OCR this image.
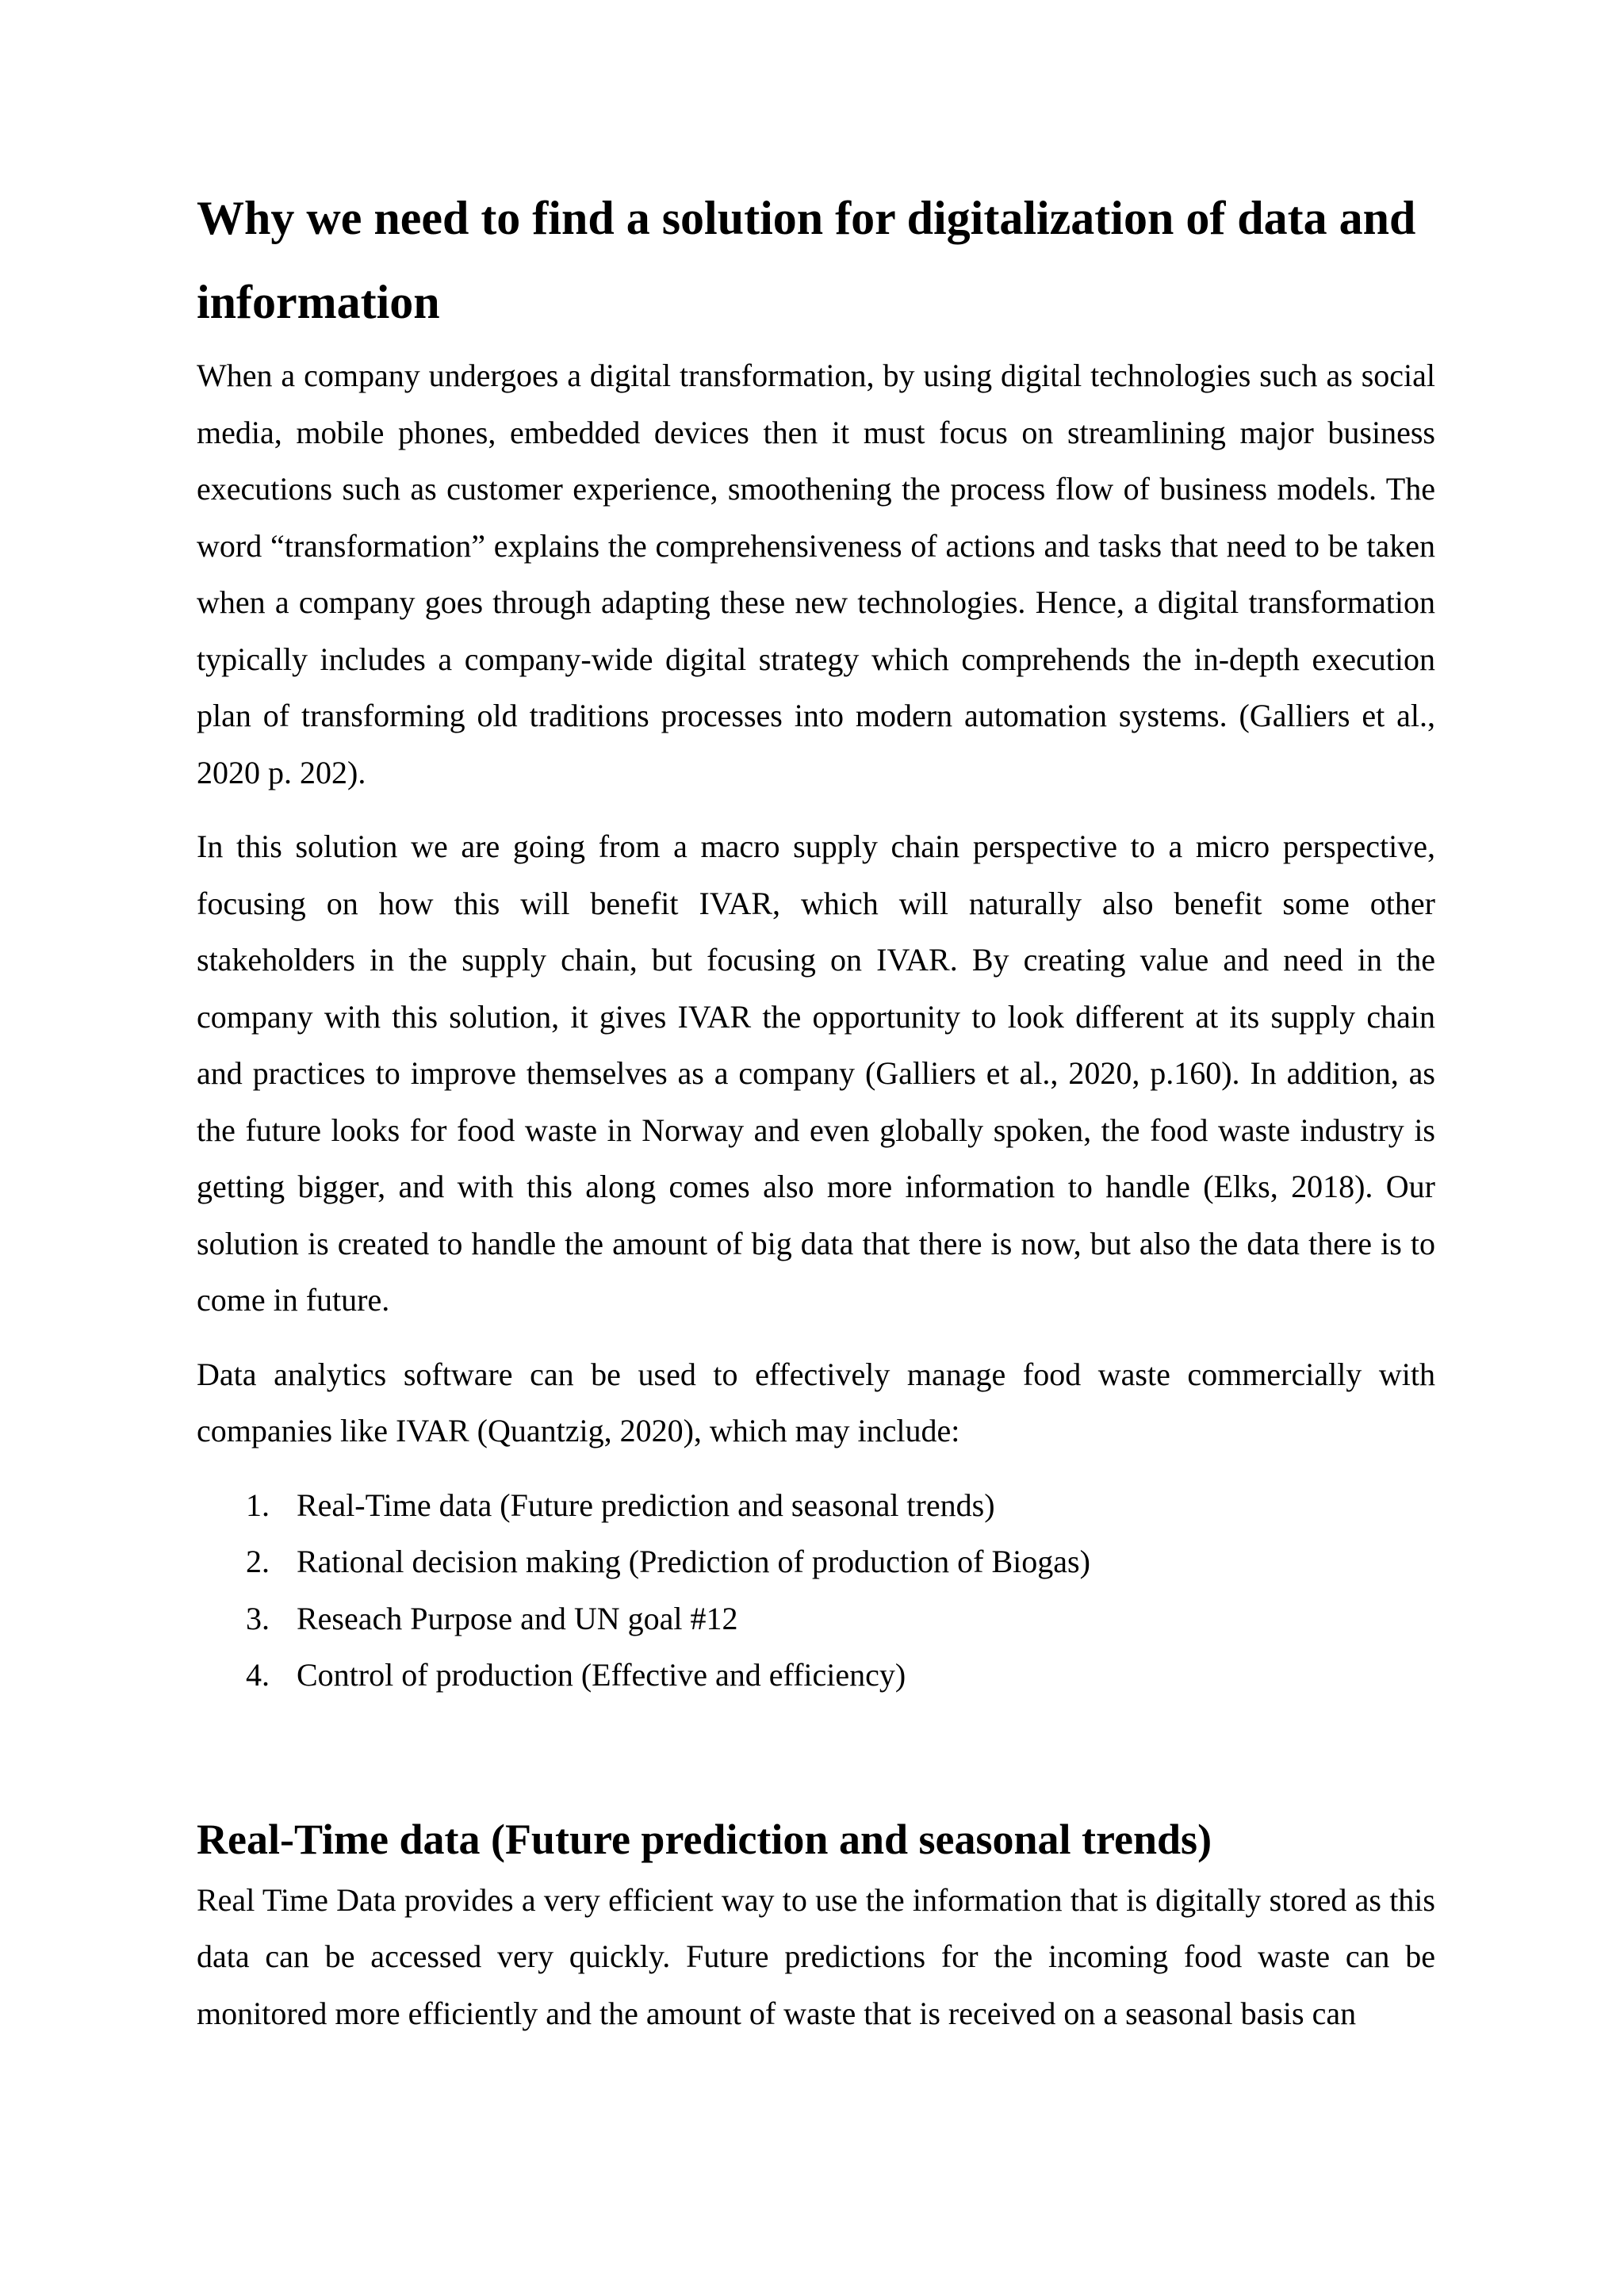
Why we need to find a solution for digitalization of data and information

When a company undergoes a digital transformation, by using digital technologies such as social media, mobile phones, embedded devices then it must focus on streamlining major business executions such as customer experience, smoothening the process flow of business models. The word “transformation” explains the comprehensiveness of actions and tasks that need to be taken when a company goes through adapting these new technologies. Hence, a digital transformation typically includes a company-wide digital strategy which comprehends the in-depth execution plan of transforming old traditions processes into modern automation systems. (Galliers et al., 2020 p. 202).

In this solution we are going from a macro supply chain perspective to a micro perspective, focusing on how this will benefit IVAR, which will naturally also benefit some other stakeholders in the supply chain, but focusing on IVAR. By creating value and need in the company with this solution, it gives IVAR the opportunity to look different at its supply chain and practices to improve themselves as a company (Galliers et al., 2020, p.160). In addition, as the future looks for food waste in Norway and even globally spoken, the food waste industry is getting bigger, and with this along comes also more information to handle (Elks, 2018). Our solution is created to handle the amount of big data that there is now, but also the data there is to come in future.

Data analytics software can be used to effectively manage food waste commercially with companies like IVAR (Quantzig, 2020), which may include:

1. Real-Time data (Future prediction and seasonal trends)
2. Rational decision making (Prediction of production of Biogas)
3. Reseach Purpose and UN goal #12
4. Control of production (Effective and efficiency)
Real-Time data (Future prediction and seasonal trends)

Real Time Data provides a very efficient way to use the information that is digitally stored as this data can be accessed very quickly. Future predictions for the incoming food waste can be monitored more efficiently and the amount of waste that is received on a seasonal basis can
